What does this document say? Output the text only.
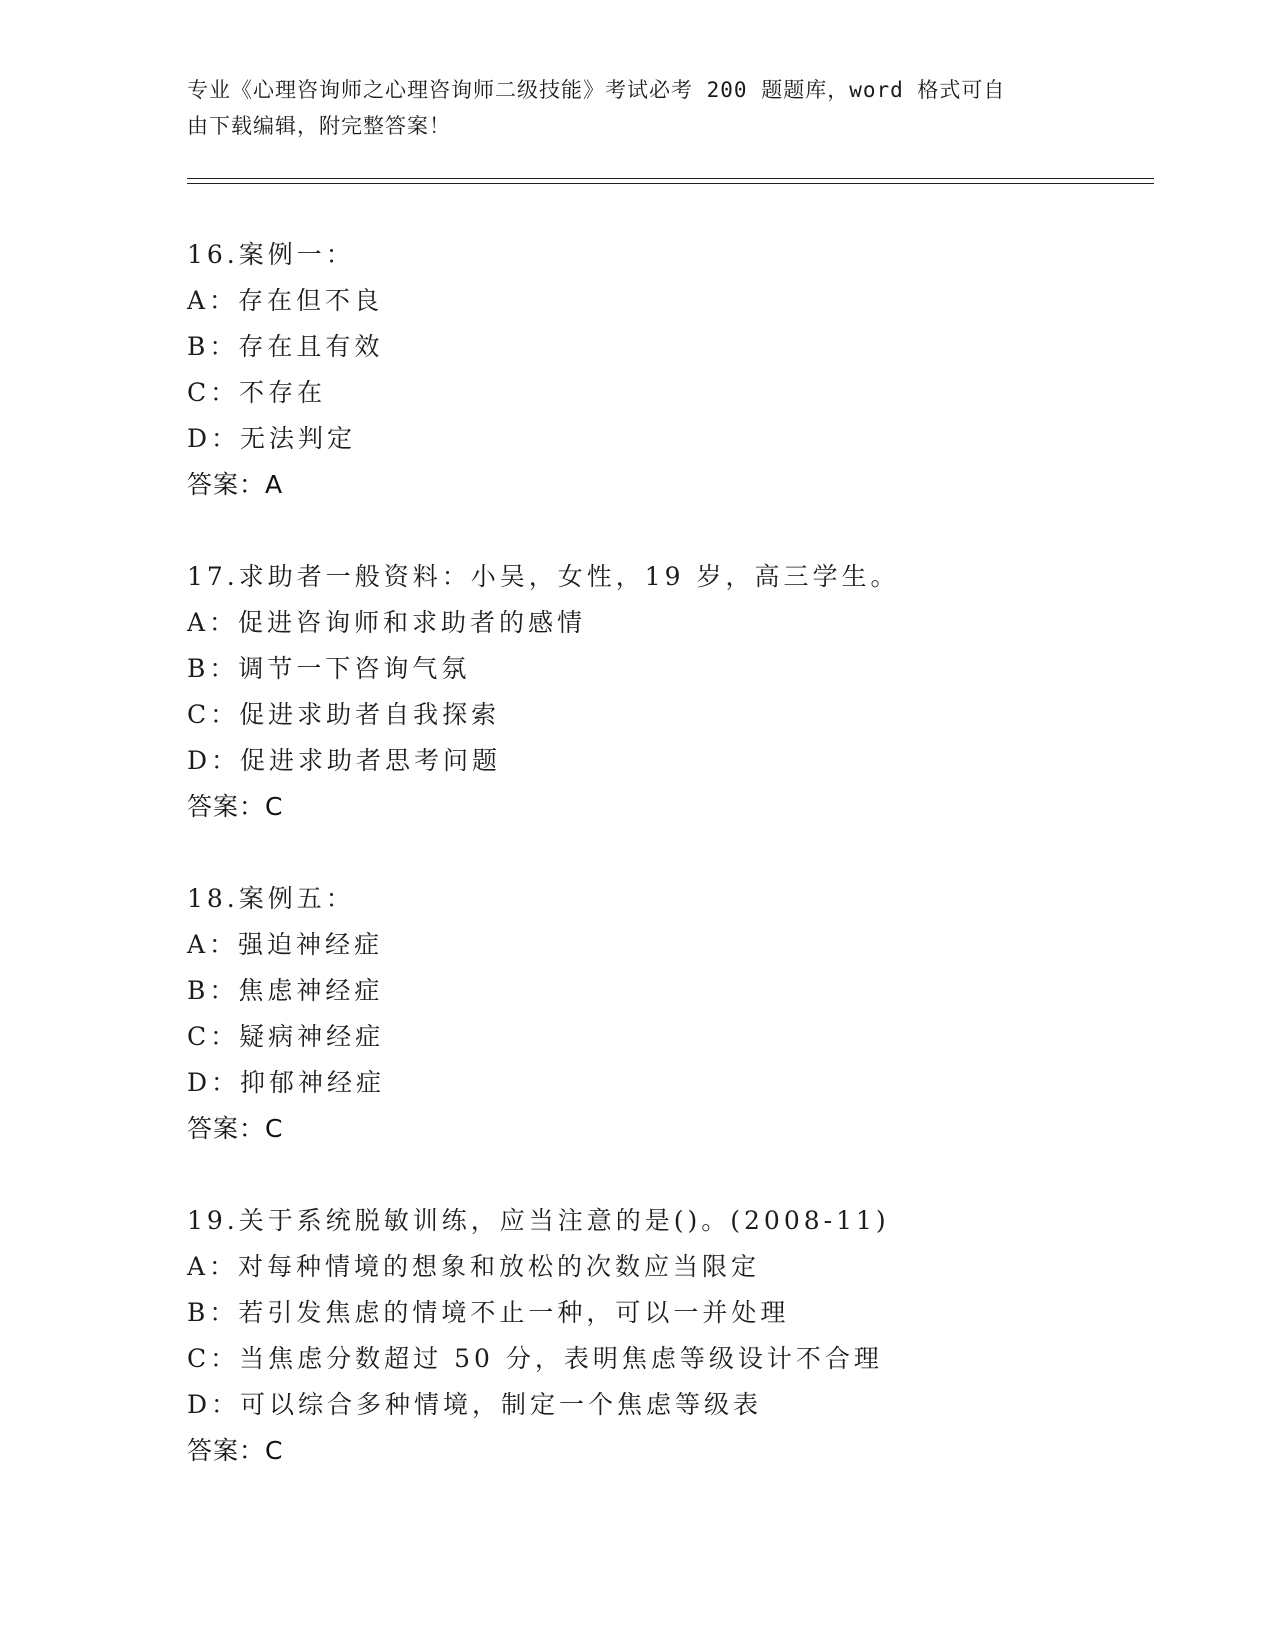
专业《心理咨询师之心理咨询师二级技能》考试必考 200 题题库，word 格式可自
由下载编辑，附完整答案！
16.案例一：
A：存在但不良
B：存在且有效
C：不存在
D：无法判定
答案：A
17.求助者一般资料：小吴，女性，19 岁，高三学生。
A：促进咨询师和求助者的感情
B：调节一下咨询气氛
C：促进求助者自我探索
D：促进求助者思考问题
答案：C
18.案例五：
A：强迫神经症
B：焦虑神经症
C：疑病神经症
D：抑郁神经症
答案：C
19.关于系统脱敏训练，应当注意的是()。(2008-11)
A：对每种情境的想象和放松的次数应当限定
B：若引发焦虑的情境不止一种，可以一并处理
C：当焦虑分数超过 50 分，表明焦虑等级设计不合理
D：可以综合多种情境，制定一个焦虑等级表
答案：C
